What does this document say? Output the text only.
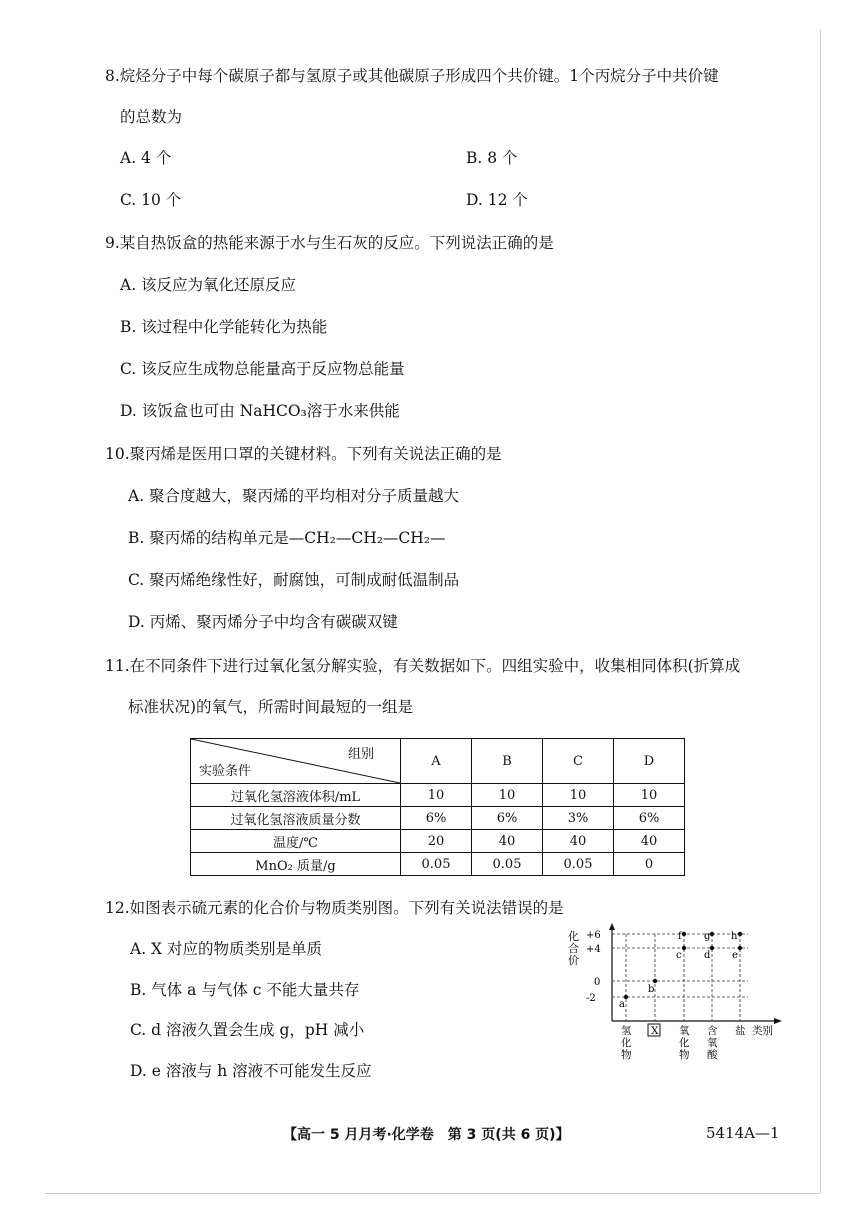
8.烷烃分子中每个碳原子都与氢原子或其他碳原子形成四个共价键。1个丙烷分子中共价键
的总数为
A. 4 个	B. 8 个
C. 10 个	D. 12 个
9.某自热饭盒的热能来源于水与生石灰的反应。下列说法正确的是
A. 该反应为氧化还原反应
B. 该过程中化学能转化为热能
C. 该反应生成物总能量高于反应物总能量
D. 该饭盒也可由 NaHCO₃溶于水来供能
10.聚丙烯是医用口罩的关键材料。下列有关说法正确的是
A. 聚合度越大，聚丙烯的平均相对分子质量越大
B. 聚丙烯的结构单元是—CH₂—CH₂—CH₂—
C. 聚丙烯绝缘性好，耐腐蚀，可制成耐低温制品
D. 丙烯、聚丙烯分子中均含有碳碳双键
11.在不同条件下进行过氧化氢分解实验，有关数据如下。四组实验中，收集相同体积(折算成
标准状况)的氧气，所需时间最短的一组是
组别
实验条件	A	B	C	D
过氧化氢溶液体积/mL	10	10	10	10
过氧化氢溶液质量分数	6%	6%	3%	6%
温度/℃	20	40	40	40
MnO₂ 质量/g	0.05	0.05	0.05	0
12.如图表示硫元素的化合价与物质类别图。下列有关说法错误的是
A. X 对应的物质类别是单质
B. 气体 a 与气体 c 不能大量共存
C. d 溶液久置会生成 g，pH 减小
D. e 溶液与 h 溶液不可能发生反应
化
合
价
+6
+4
0
-2
a
b
c d e
f g h
氢
化
物
X 氧
化
物
含
氧
酸
盐 类别
【高一 5 月月考·化学卷　第 3 页(共 6 页)】	5414A—1
